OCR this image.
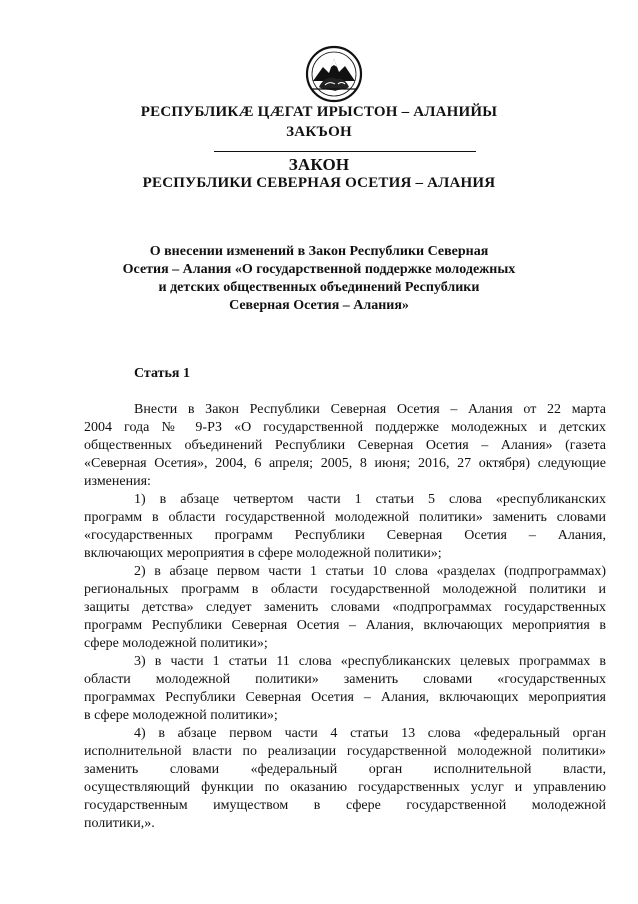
РЕСПУБЛИКӔ ЦӔГАТ ИРЫСТОН – АЛАНИЙЫ
ЗАКЪОН
ЗАКОН
РЕСПУБЛИКИ СЕВЕРНАЯ ОСЕТИЯ – АЛАНИЯ
О внесении изменений в Закон Республики Северная
Осетия – Алания «О государственной поддержке молодежных
и детских общественных объединений Республики
Северная Осетия – Алания»
Статья 1
Внести в Закон Республики Северная Осетия – Алания от 22 марта
2004 года № 9-РЗ «О государственной поддержке молодежных и детских
общественных объединений Республики Северная Осетия – Алания» (газета
«Северная Осетия», 2004, 6 апреля; 2005, 8 июня; 2016, 27 октября) следующие
изменения:
1) в абзаце четвертом части 1 статьи 5 слова «республиканских
программ в области государственной молодежной политики» заменить словами
«государственных программ Республики Северная Осетия – Алания,
включающих мероприятия в сфере молодежной политики»;
2) в абзаце первом части 1 статьи 10 слова «разделах (подпрограммах)
региональных программ в области государственной молодежной политики и
защиты детства» следует заменить словами «подпрограммах государственных
программ Республики Северная Осетия – Алания, включающих мероприятия в
сфере молодежной политики»;
3) в части 1 статьи 11 слова «республиканских целевых программах в
области молодежной политики» заменить словами «государственных
программах Республики Северная Осетия – Алания, включающих мероприятия
в сфере молодежной политики»;
4) в абзаце первом части 4 статьи 13 слова «федеральный орган
исполнительной власти по реализации государственной молодежной политики»
заменить словами «федеральный орган исполнительной власти,
осуществляющий функции по оказанию государственных услуг и управлению
государственным имуществом в сфере государственной молодежной
политики,».
